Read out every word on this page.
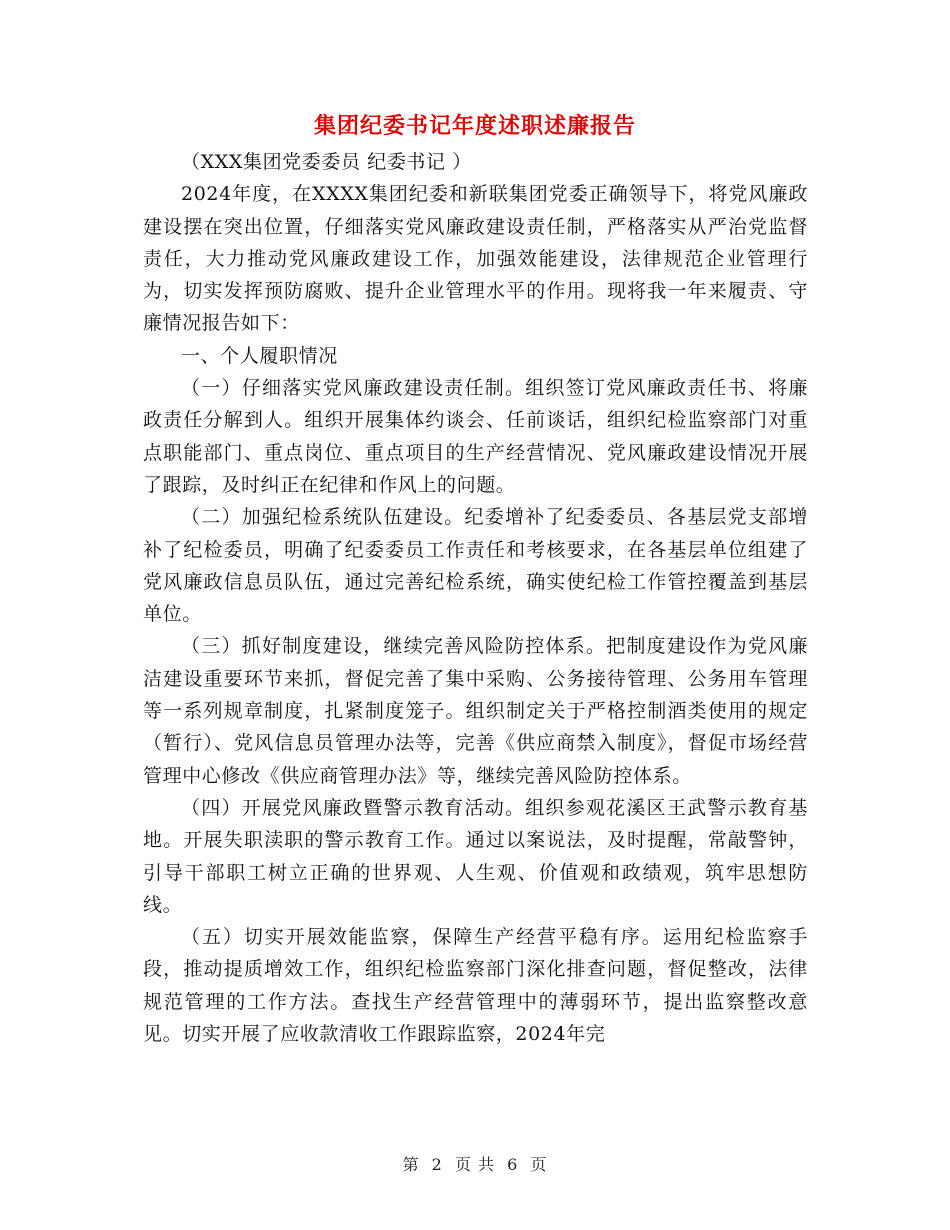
集团纪委书记年度述职述廉报告

（XXX集团党委委员 纪委书记 ）

2024年度，在XXXX集团纪委和新联集团党委正确领导下，将党风廉政建设摆在突出位置，仔细落实党风廉政建设责任制，严格落实从严治党监督责任，大力推动党风廉政建设工作，加强效能建设，法律规范企业管理行为，切实发挥预防腐败、提升企业管理水平的作用。现将我一年来履责、守廉情况报告如下：

一、个人履职情况

（一）仔细落实党风廉政建设责任制。组织签订党风廉政责任书、将廉政责任分解到人。组织开展集体约谈会、任前谈话，组织纪检监察部门对重点职能部门、重点岗位、重点项目的生产经营情况、党风廉政建设情况开展了跟踪，及时纠正在纪律和作风上的问题。

（二）加强纪检系统队伍建设。纪委增补了纪委委员、各基层党支部增补了纪检委员，明确了纪委委员工作责任和考核要求，在各基层单位组建了党风廉政信息员队伍，通过完善纪检系统，确实使纪检工作管控覆盖到基层单位。

（三）抓好制度建设，继续完善风险防控体系。把制度建设作为党风廉洁建设重要环节来抓，督促完善了集中采购、公务接待管理、公务用车管理等一系列规章制度，扎紧制度笼子。组织制定关于严格控制酒类使用的规定（暂行）、党风信息员管理办法等，完善《供应商禁入制度》，督促市场经营管理中心修改《供应商管理办法》等，继续完善风险防控体系。

（四）开展党风廉政暨警示教育活动。组织参观花溪区王武警示教育基地。开展失职渎职的警示教育工作。通过以案说法，及时提醒，常敲警钟，引导干部职工树立正确的世界观、人生观、价值观和政绩观，筑牢思想防线。

（五）切实开展效能监察，保障生产经营平稳有序。运用纪检监察手段，推动提质增效工作，组织纪检监察部门深化排查问题，督促整改，法律规范管理的工作方法。查找生产经营管理中的薄弱环节，提出监察整改意见。切实开展了应收款清收工作跟踪监察，2024年完

第 2 页 共 6 页
